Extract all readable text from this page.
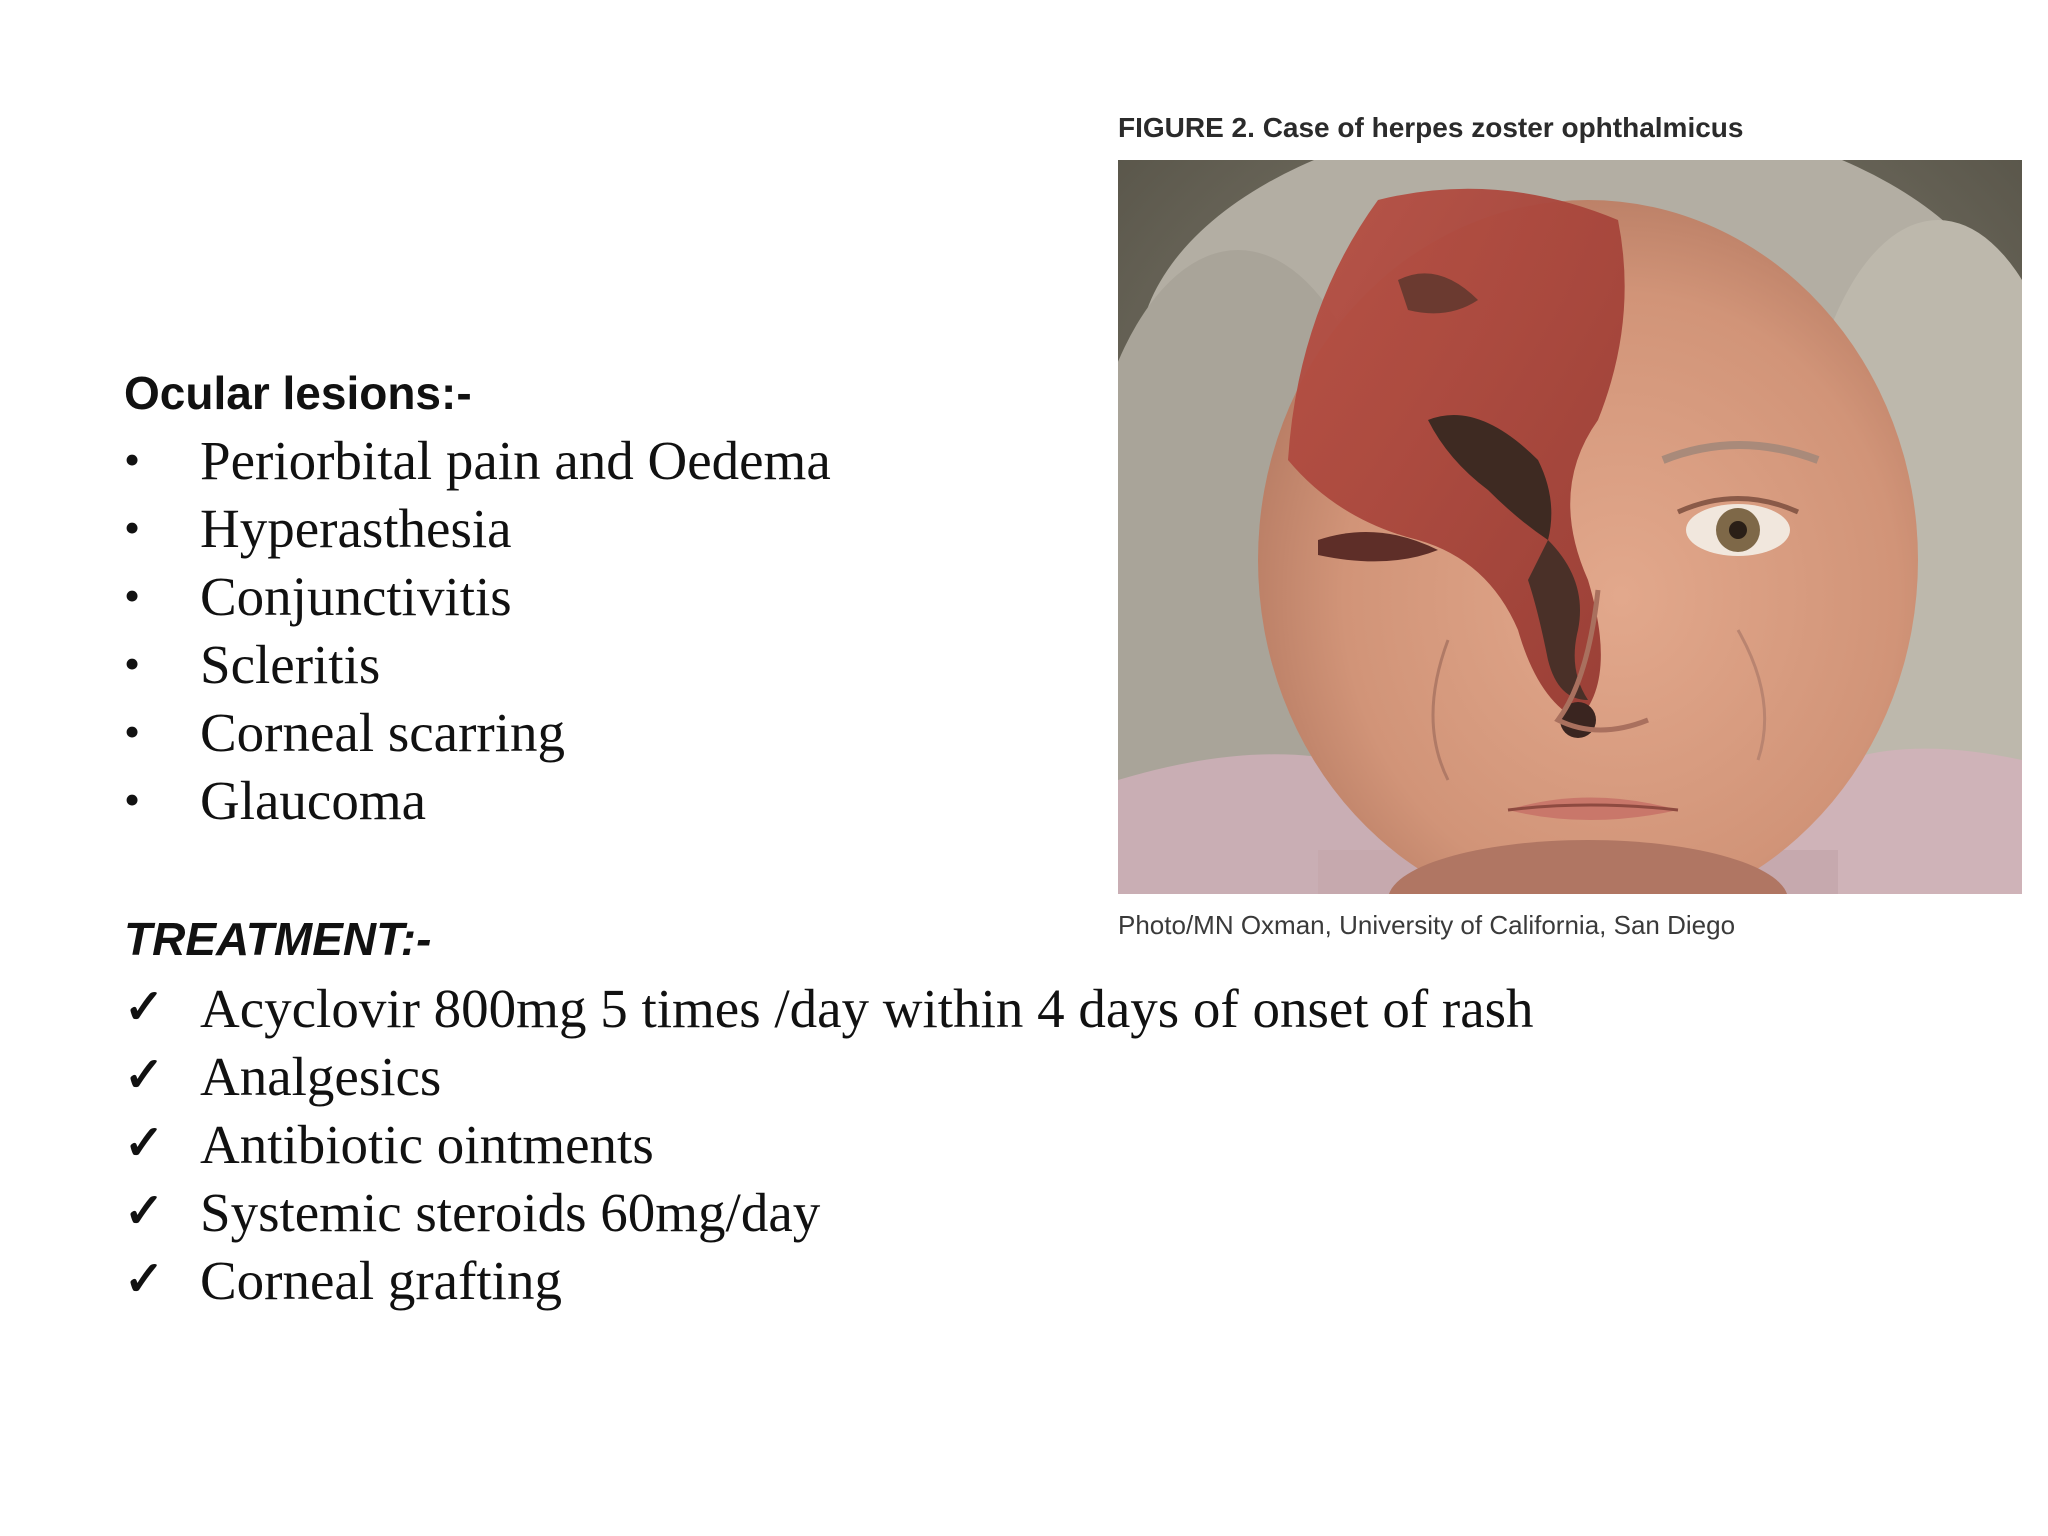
FIGURE 2. Case of herpes zoster ophthalmicus
Photo/MN Oxman, University of California, San Diego
Ocular lesions:-
•	Periorbital pain and Oedema
•	Hyperasthesia
•	Conjunctivitis
•	Scleritis
•	Corneal scarring
•	Glaucoma
TREATMENT:-
✓ Acyclovir 800mg 5 times /day within 4 days of onset of rash
✓ Analgesics
✓ Antibiotic ointments
✓ Systemic steroids 60mg/day
✓ Corneal grafting
